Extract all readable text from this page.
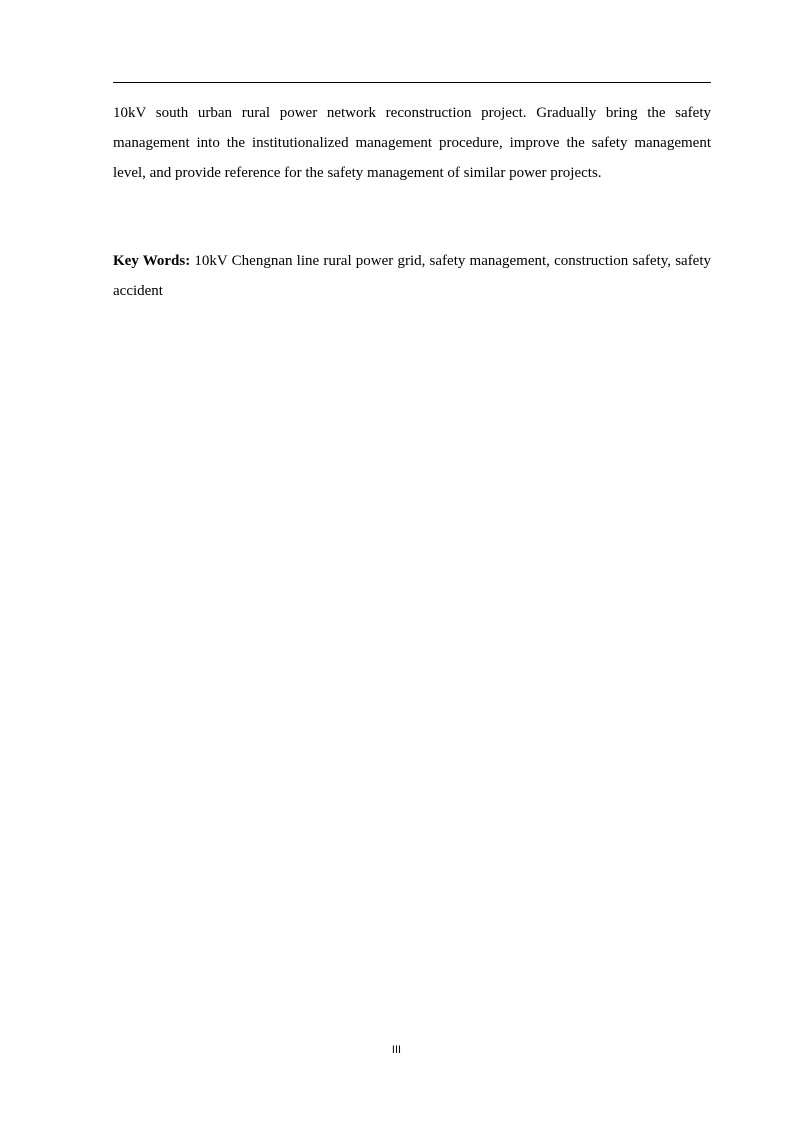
10kV south urban rural power network reconstruction project. Gradually bring the safety management into the institutionalized management procedure, improve the safety management level, and provide reference for the safety management of similar power projects.

Key Words: 10kV Chengnan line rural power grid, safety management, construction safety, safety accident

III
